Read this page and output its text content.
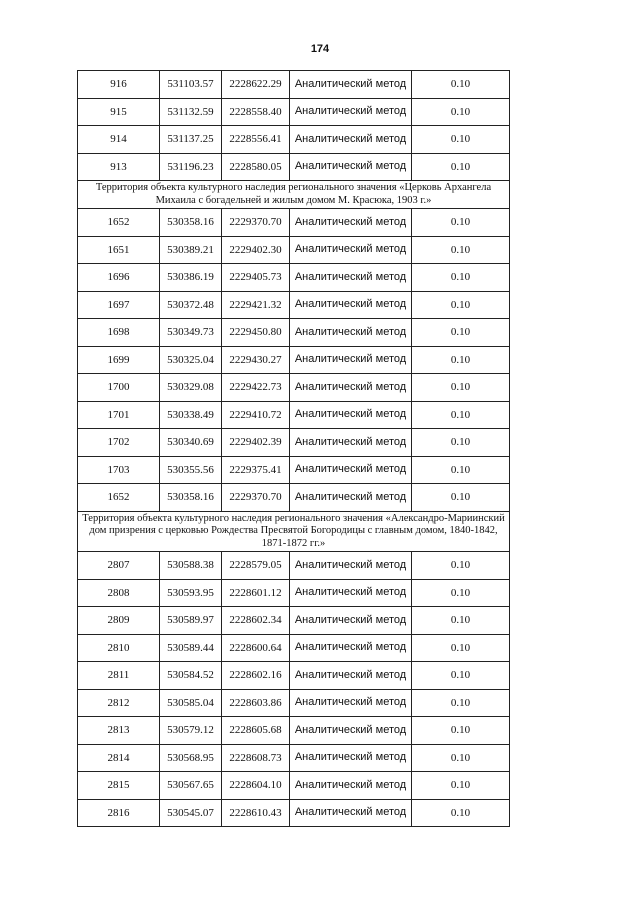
174
916	531103.57	2228622.29	Аналитический метод	0.10
915	531132.59	2228558.40	Аналитический метод	0.10
914	531137.25	2228556.41	Аналитический метод	0.10
913	531196.23	2228580.05	Аналитический метод	0.10
Территория объекта культурного наследия регионального значения «Церковь Архангела Михаила с богадельней и жилым домом М. Красюка, 1903 г.»				
1652	530358.16	2229370.70	Аналитический метод	0.10
1651	530389.21	2229402.30	Аналитический метод	0.10
1696	530386.19	2229405.73	Аналитический метод	0.10
1697	530372.48	2229421.32	Аналитический метод	0.10
1698	530349.73	2229450.80	Аналитический метод	0.10
1699	530325.04	2229430.27	Аналитический метод	0.10
1700	530329.08	2229422.73	Аналитический метод	0.10
1701	530338.49	2229410.72	Аналитический метод	0.10
1702	530340.69	2229402.39	Аналитический метод	0.10
1703	530355.56	2229375.41	Аналитический метод	0.10
1652	530358.16	2229370.70	Аналитический метод	0.10
Территория объекта культурного наследия регионального значения «Александро-Мариинский дом призрения с церковью Рождества Пресвятой Богородицы с главным домом, 1840-1842, 1871-1872 гг.»				
2807	530588.38	2228579.05	Аналитический метод	0.10
2808	530593.95	2228601.12	Аналитический метод	0.10
2809	530589.97	2228602.34	Аналитический метод	0.10
2810	530589.44	2228600.64	Аналитический метод	0.10
2811	530584.52	2228602.16	Аналитический метод	0.10
2812	530585.04	2228603.86	Аналитический метод	0.10
2813	530579.12	2228605.68	Аналитический метод	0.10
2814	530568.95	2228608.73	Аналитический метод	0.10
2815	530567.65	2228604.10	Аналитический метод	0.10
2816	530545.07	2228610.43	Аналитический метод	0.10
